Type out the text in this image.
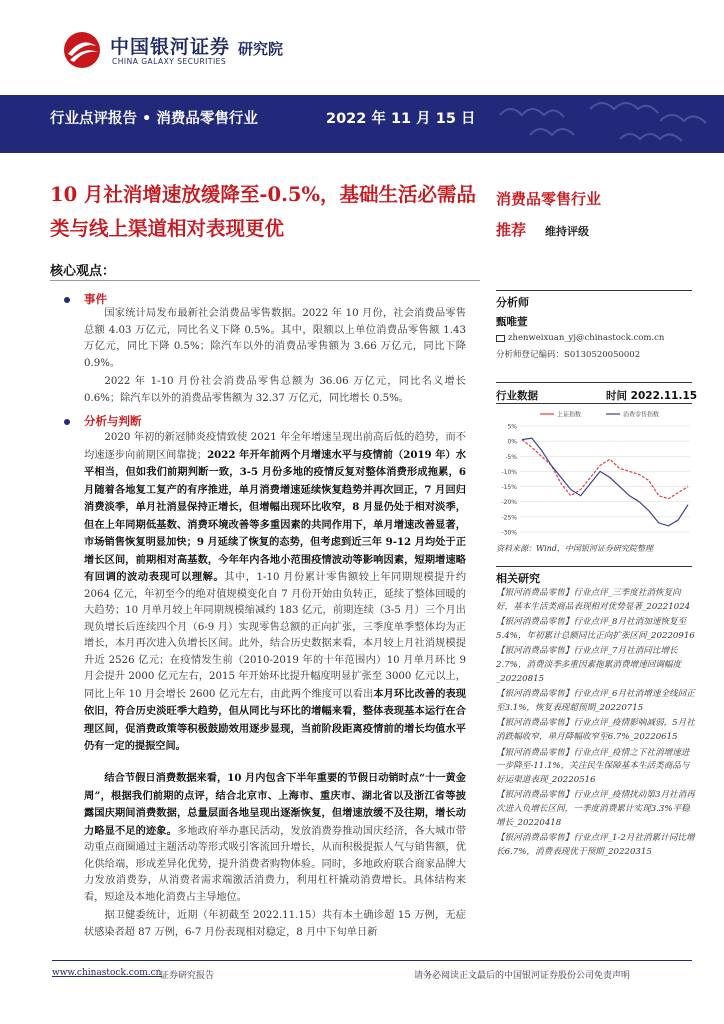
中国银河证券 研究院
CHINA GALAXY SECURITIES
行业点评报告 • 消费品零售行业	2022 年 11 月 15 日
10 月社消增速放缓降至-0.5%，基础生活必需品类与线上渠道相对表现更优
消费品零售行业
推荐 维持评级
核心观点：
事件
国家统计局发布最新社会消费品零售数据。2022 年 10 月份，社会消费品零售总额 4.03 万亿元，同比名义下降 0.5%。其中，限额以上单位消费品零售额 1.43 万亿元，同比下降 0.5%；除汽车以外的消费品零售额为 3.66 万亿元，同比下降 0.9%。
2022 年 1-10 月份社会消费品零售总额为 36.06 万亿元，同比名义增长 0.6%；除汽车以外的消费品零售额为 32.37 万亿元，同比增长 0.5%。
分析与判断
2020 年初的新冠肺炎疫情致使 2021 年全年增速呈现出前高后低的趋势，而不均速逐步向前期区间靠拢；2022 年开年前两个月增速水平与疫情前（2019 年）水平相当，但如我们前期判断一致，3-5 月份多地的疫情反复对整体消费形成拖累，6 月随着各地复工复产的有序推进，单月消费增速延续恢复趋势并再次回正，7 月回归消费淡季，单月社消显保持正增长，但增幅出现环比收窄，8 月显仍处于相对淡季，但在上年同期低基数、消费环境改善等多重因素的共同作用下，单月增速改善显著，市场销售恢复明显加快；9 月延续了恢复的态势，但考虑到近三年 9-12 月均处于正增长区间，前期相对高基数，今年年内各地小范围疫情波动等影响因素，短期增速略有回调的波动表现可以理解。其中，1-10 月份累计零售额较上年同期规模提升约 2064 亿元，年初至今的绝对值规模变化自 7 月份开始由负转正，延续了整体回暖的大趋势；10 月单月较上年同期规模缩减约 183 亿元，前期连续（3-5 月）三个月出现负增长后连续四个月（6-9 月）实现零售总额的正向扩张，三季度单季整体均为正增长，本月再次进入负增长区间。此外，结合历史数据来看，本月较上月社消规模提升近 2526 亿元；在疫情发生前（2010-2019 年的十年范围内）10 月单月环比 9 月会提升 2000 亿元左右，2015 年开始环比提升幅度明显扩张至 3000 亿元以上，同比上年 10 月会增长 2600 亿元左右，由此两个维度可以看出本月环比改善的表现依旧，符合历史淡旺季大趋势，但从同比与环比的增幅来看，整体表现基本运行在合理区间，促消费政策等积极鼓励效用逐步显现，当前阶段距离疫情前的增长均值水平仍有一定的提振空间。
结合节假日消费数据来看，10 月内包含下半年重要的节假日动销时点“十一黄金周”，根据我们前期的点评，结合北京市、上海市、重庆市、湖北省以及浙江省等披露国庆期间消费数据，总量层面各地呈现出逐渐恢复，但增速放缓不及往期，增长动力略显不足的迹象。多地政府举办惠民活动，发放消费券推动国庆经济，各大城市带动重点商圈通过主题活动等形式吸引客流回升增长，从而积极提振人气与销售额，优化供给端，形成差异化优势，提升消费者购物体验。同时，多地政府联合商家品牌大力发放消费券，从消费者需求端激活消费力，利用杠杆撬动消费增长。具体结构来看，短途及本地化消费占主导地位。
据卫健委统计，近期（年初截至 2022.11.15）共有本土确诊超 15 万例，无症状感染者超 87 万例，6-7 月份表现相对稳定，8 月中下旬单日新
分析师
甄唯萱
zhenweixuan_yj@chinastock.com.cn
分析师登记编码：S0130520050002
行业数据	时间 2022.11.15
5%
0%
-5%
-10%
-15%
-20%
-25%
-30%
上证指数	消费零售指数
资料来源：Wind，中国银河证券研究院整理
相关研究
【银河消费品零售】行业点评_三季度社消恢复向好，基本生活类商品表现相对优势显著_20221024
【银河消费品零售】行业点评_8月社消加速恢复至5.4%，年初累计总额同比正向扩张区间_20220916
【银河消费品零售】行业点评_7月社消同比增长2.7%，消费淡季多重因素拖累消费增速回调幅度_20220815
【银河消费品零售】行业点评_6月社消增速全线回正至3.1%，恢复表现超预期_20220715
【银河消费品零售】行业点评_疫情影响减弱，5月社消跌幅收窄，单月降幅收窄至6.7%_20220615
【银河消费品零售】行业点评_疫情之下社消增速进一步降至-11.1%，关注民生保障基本生活类商品与好运渠道表现_20220516
【银河消费品零售】行业点评_疫情扰动第3月社消再次进入负增长区间，一季度消费累计实现3.3%平稳增长_20220418
【银河消费品零售】行业点评_1-2月社消累计同比增长6.7%，消费表现优于预期_20220315
www.chinastock.com.cn
证券研究报告	请务必阅读正文最后的中国银河证券股份公司免责声明
